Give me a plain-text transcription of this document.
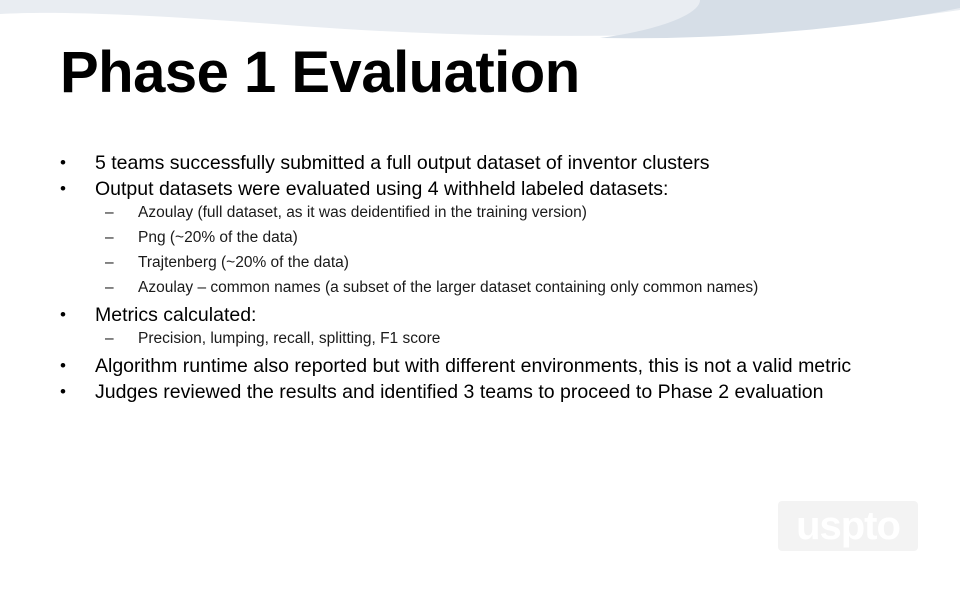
Phase 1 Evaluation
• 5 teams successfully submitted a full output dataset of inventor clusters
• Output datasets were evaluated using 4 withheld labeled datasets:
– Azoulay (full dataset, as it was deidentified in the training version)
– Png (~20% of the data)
– Trajtenberg (~20% of the data)
– Azoulay – common names (a subset of the larger dataset containing only common names)
• Metrics calculated:
– Precision, lumping, recall, splitting, F1 score
• Algorithm runtime also reported but with different environments, this is not a valid metric
• Judges reviewed the results and identified 3 teams to proceed to Phase 2 evaluation
uspto
